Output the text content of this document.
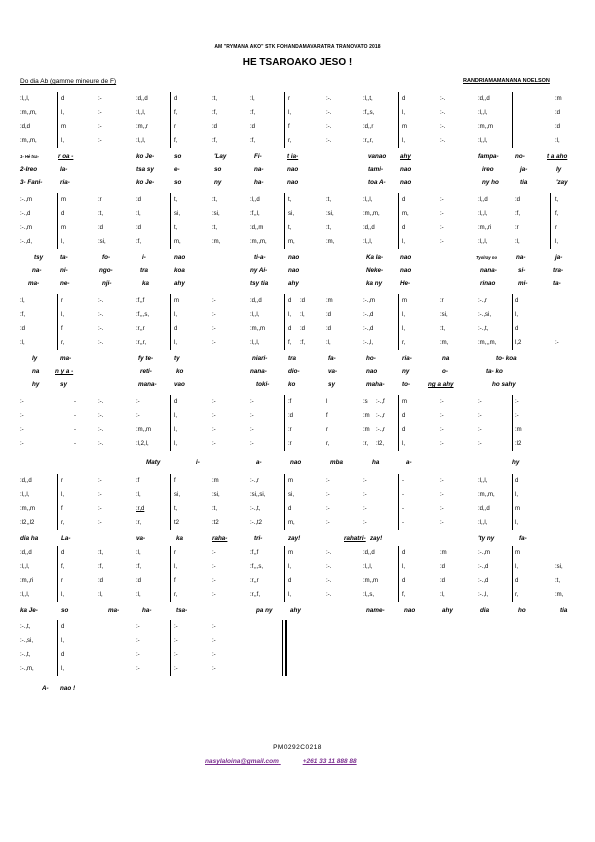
AM "RYMANA AKO" STK FOHANDAMAVARATRA TRANOVATO 2018
HE TSAROAKO JESO !
Do dia Ab (gamme mineure de F)	RANDRIAMAMANANA NOELSON
:l,,l,	d	:-	:d,,d	d	:t,	:l,	r	:-.	:l,,t,	d	:-.	:d,,d	:m
:m,,m,	l,	:-	:l,,l,	f,	:f,	:f,	l,	:-.	:f,,s,	l,	:-.	:l,,l,	:d
:d,d	m	:-	:m,,r	r	:d	:d	f	:-.	:d,,r	m	:-.	:m,,m	:d
:m,,m,	l,	:-	:l,,l,	f,	:f,	:f,	r,	:-.	:r,,r,	l,	:-.	:l,,l,	:l,
1- Hé tsa-	r oa -	ko Je-	so	'Lay	Fi-	t ia-	vanao ahy	fampa-	no-	t a aho
2-Ireo	la-	tsa sy	e-	so	na-	nao	tami-	nao	ireo	ja-	ly
3- Fani-	ria-	ko Je-	so	ny	ha-	nao	toa A- nao	ny ho	tia	'zay
:-.,m	m	:r	:d	t,	:t,	:l,,d	t,	:t,	:l,,l,	d	:-	:l,,d	:d	t,
:-.,d	d	:t,	:l,	si,	:si,	:f,,l,	si,	:si,	:m,,m,	m,	:-	:l,,l,	:f,	f,
:-.,m	m	:d	:d	t,	:t,	:d,,m	t,	:t,	:d,,d	d	:-	:m,,ri	:r	r
:-.,d,	l,	:si,	:f,	m,	:m,	:m,,m,	m,	:m,	:l,,l,	l,	:-	:l,,l,	:l,	l,
tsy	ta-	fo-	i-	nao	ti-a-	nao	Ka la-	nao	Tyolray no	na-	ja-
na-	ni-	ngo-	tra	koa	ny Ai-	nao	Neke-	nao	nana-	si-	tra-
ma-	ne-	nji-	ka	ahy	tsy tia	ahy	ka ny	He-	rinao	mi-	ta-
:l,	r	:-.	:f,,f	m	:-	:d,,d	d :d	:m	:-.,m	m	:r	:-.,r	d
:f,	l,	:-.	:f,,,s,	l,	:-	:l,,l,	l, :l,	:d	:-.,d	l,	:si,	:-.,si,	l,
:d	f	:-.	:r,,r	d	:-	:m,,m	d :d	:d	:-.,d	l,	:t,	:-.,t,	d
:l,	r,	:-.	:r,,r,	l,	:-	:l,,l,	f, :f,	:l,	:-.,l,	r,	:m,	:m,,,m,	l,2	:-
ly	ma-	fy te-	ty	niari-	tra	fa-	ho-	ria-	na	to- koa
na n y a -	reti-	ko	nana-	dio-	va-	nao	ny	o-	ta- ko
hy	sy	mana-	vao	toki-	ko	sy	maha-	to-	ng a ahy	ho sahy
:-	-	:-.	:-	d	:-	:-	:f	l	:s :-.,f	m	:-	:-	:-
:-	-	:-.	:-	l,	:-	:-	:d	f	:m :-.,r	d	:-	:-	:-
:-	-	:-.	:m,,m	l,	:-	:-	:r	r	:m :-.,r	d	:-	:-	:m
:-	-	:-.	:l,2,l,	l,	:-	:-	:r	r,	:r, :l2,	l,	:-	:-	:l2
Maty	i-	a-	nao	mba	ha	a-	hy
:d,,d	r	:-	:f	f	:m	:-.,r	m	:-	:-	-	:-	:l,,l,	d
:l,,l,	l,	:-	:l,	si,	:si,	:si,,si,	si,	:-	:-	-	:-	:m,,m,	l,
:m,,m	f	:-	:r,d	t,	:t,	:-.,t,	d	:-	:-	-	:-	:d,,d	m
:l2,,l2	r,	:-	:r,	t2	:t2	:-.,t2	m,	:-	:-	-	:-	:l,,l,	l,
dia ha	La-	va-	ka	raha-	tri-	zay!	rahatri- zay!	'ty ny	fa-
:d,,d	d	:t,	:l,	r	:-	:f,,f	m	:-.	:d,,d	d	:m	:-.,m	m
:l,,l,	f,	:f,	:f,	l,	:-	:f,,,s,	l,	:-.	:l,,l,	l,	:d	:-.,d	l,	:si,
:m,,ri	r	:d	:d	f	:-	:r,,r	d	:-.	:m,,m	d	:d	:-.,d	d	:t,
:l,,l,	l,	:l,	:l,	r,	:-	:r,,f,	l,	:-.	:l,,s,	f,	:l,	:-.,l,	r,	:m,
ka Je-	so	ma-	ha-	tsa-	pa ny	ahy	name-	nao	ahy	dia	ho	tia
:-.,t,	d	:-	:-	:-
:-.,si,	l,	:-	:-	:-
:-.,t,	d	:-	:-	:-
:-.,m,	l,	:-	:-	:-
A- nao !
PM0292C0218
nasylaloina@gmail.com	+261 33 11 888 88
